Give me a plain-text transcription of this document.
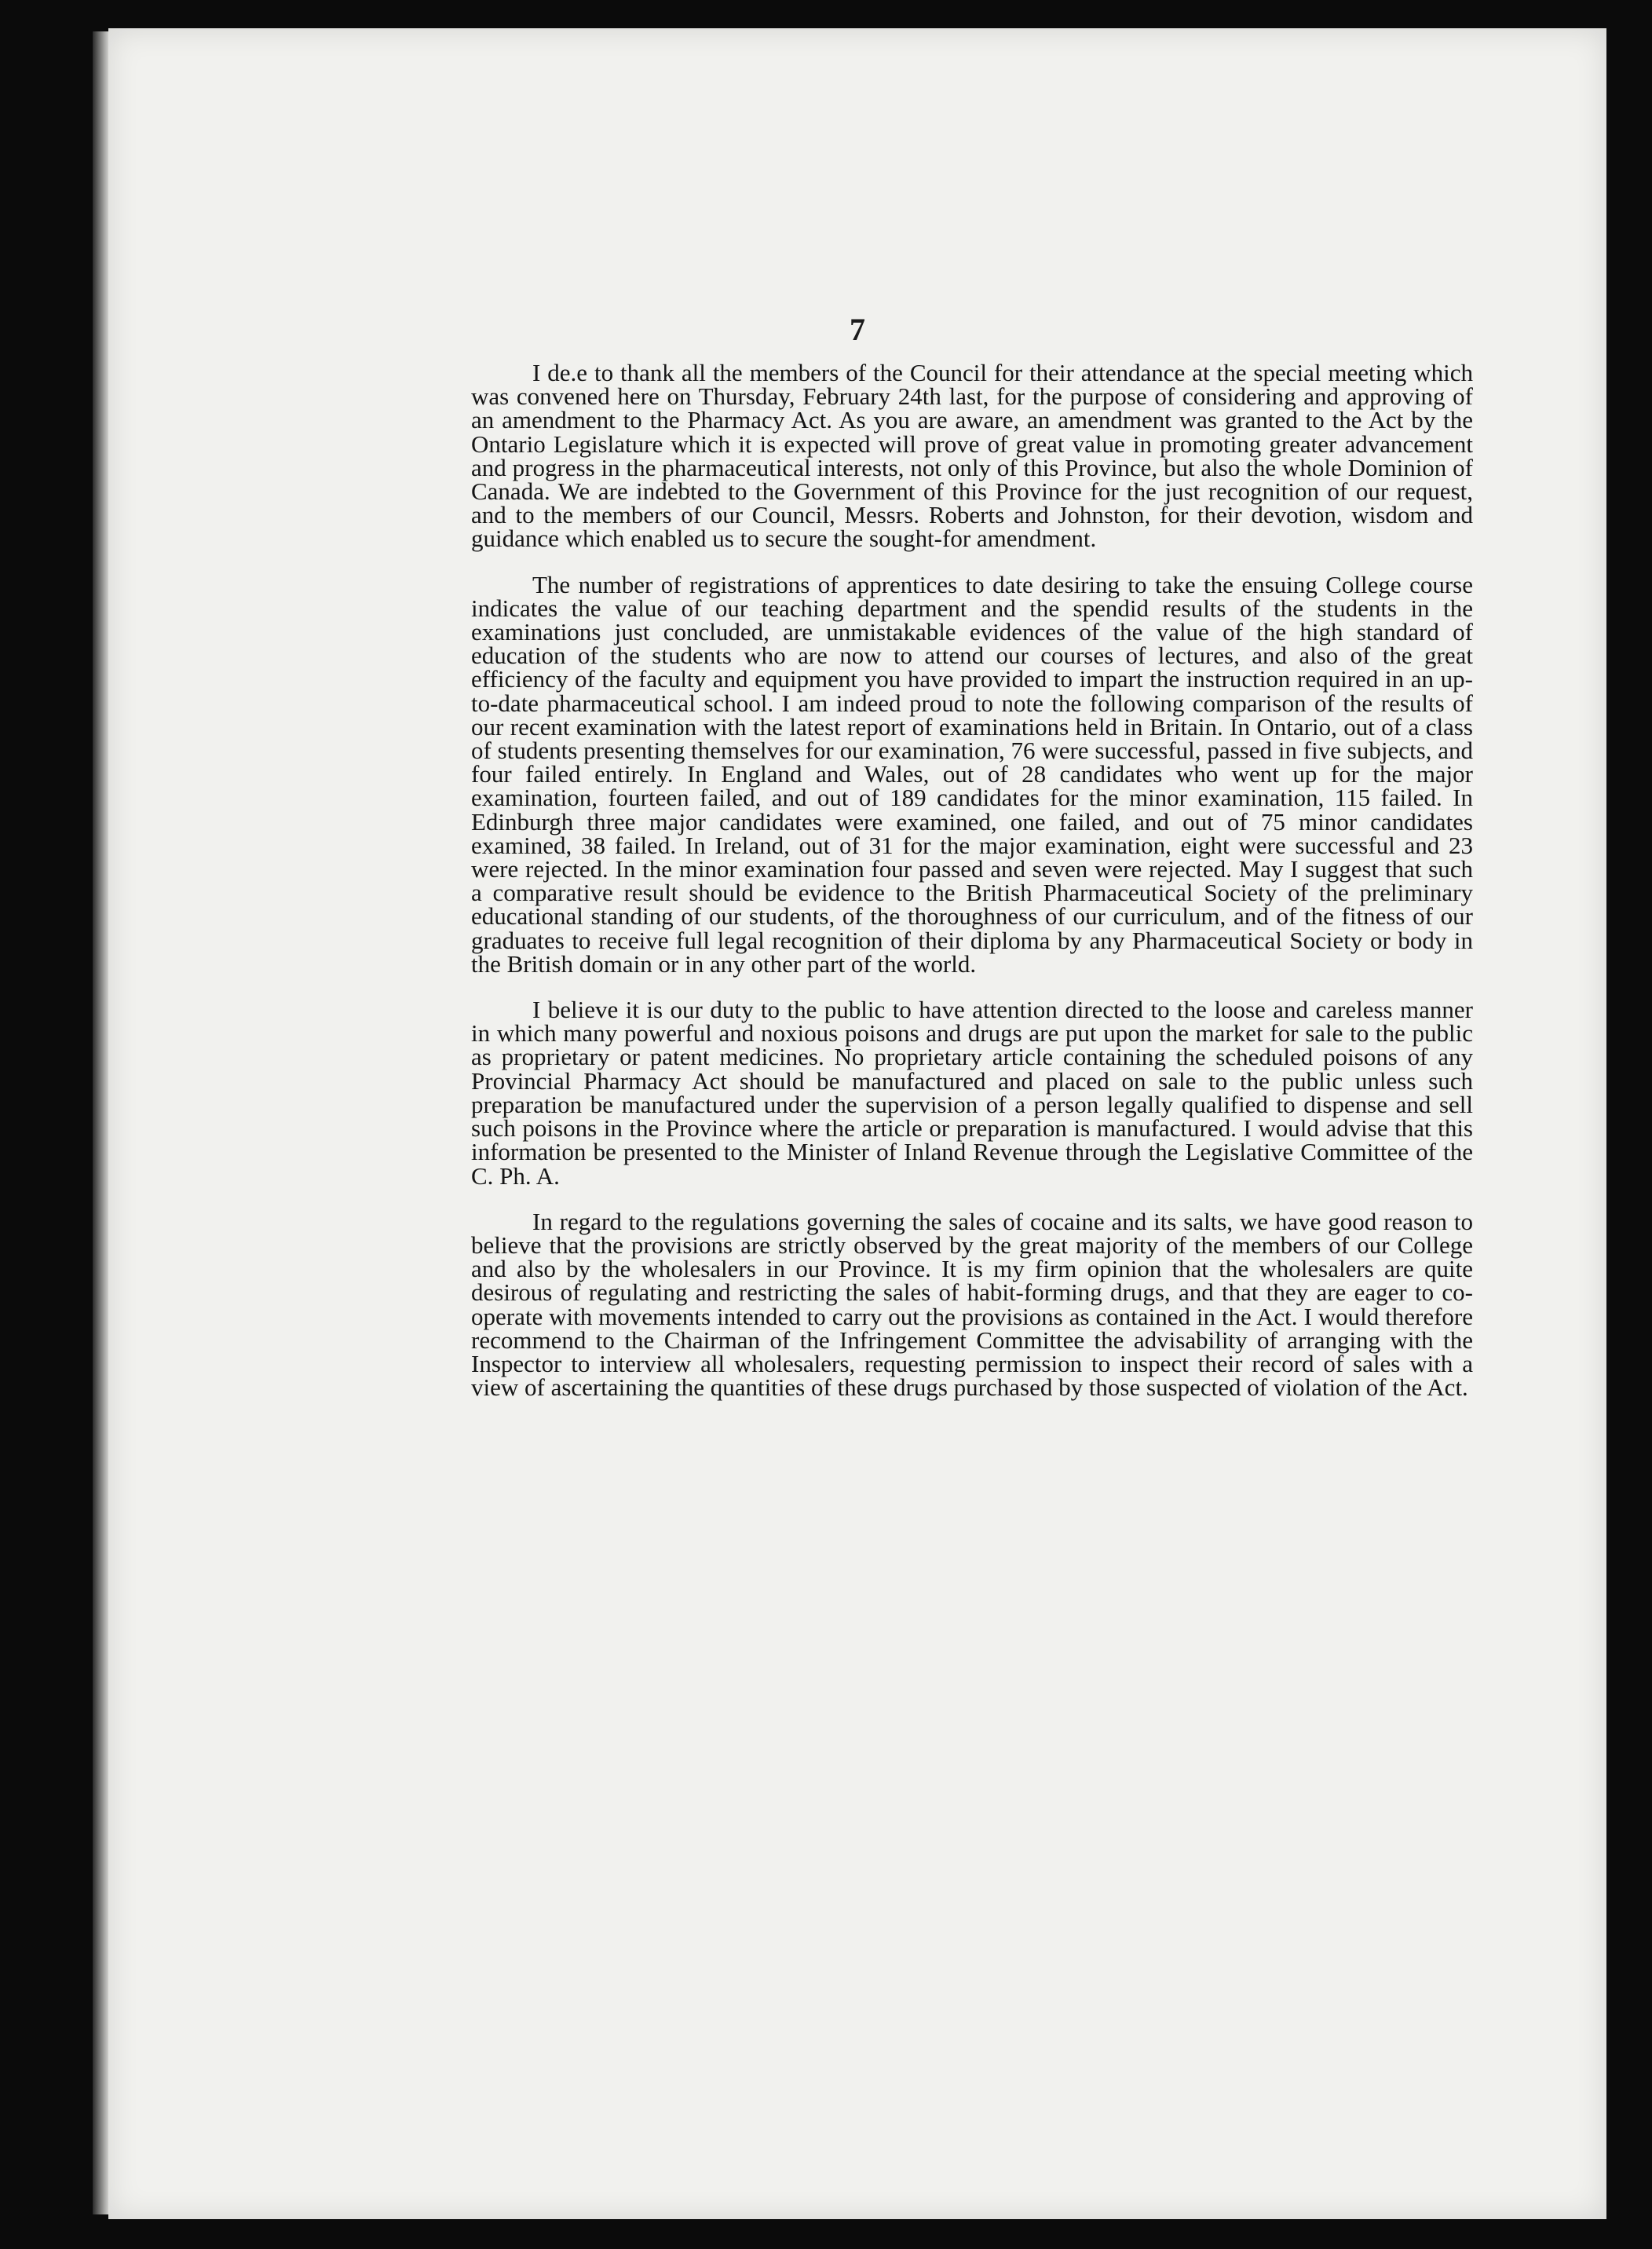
7

I de.e to thank all the members of the Council for their attendance at the special meeting which was convened here on Thursday, February 24th last, for the purpose of considering and approving of an amendment to the Pharmacy Act. As you are aware, an amendment was granted to the Act by the Ontario Legislature which it is expected will prove of great value in promoting greater advancement and progress in the pharmaceutical interests, not only of this Province, but also the whole Dominion of Canada. We are indebted to the Government of this Province for the just recognition of our request, and to the members of our Council, Messrs. Roberts and Johnston, for their devotion, wisdom and guidance which enabled us to secure the sought-for amendment.

The number of registrations of apprentices to date desiring to take the ensuing College course indicates the value of our teaching department and the spendid results of the students in the examinations just concluded, are unmistakable evidences of the value of the high standard of education of the students who are now to attend our courses of lectures, and also of the great efficiency of the faculty and equipment you have provided to impart the instruction required in an up-to-date pharmaceutical school. I am indeed proud to note the following comparison of the results of our recent examination with the latest report of examinations held in Britain. In Ontario, out of a class of students presenting themselves for our examination, 76 were successful, passed in five subjects, and four failed entirely. In England and Wales, out of 28 candidates who went up for the major examination, fourteen failed, and out of 189 candidates for the minor examination, 115 failed. In Edinburgh three major candidates were examined, one failed, and out of 75 minor candidates examined, 38 failed. In Ireland, out of 31 for the major examination, eight were successful and 23 were rejected. In the minor examination four passed and seven were rejected. May I suggest that such a comparative result should be evidence to the British Pharmaceutical Society of the preliminary educational standing of our students, of the thoroughness of our curriculum, and of the fitness of our graduates to receive full legal recognition of their diploma by any Pharmaceutical Society or body in the British domain or in any other part of the world.

I believe it is our duty to the public to have attention directed to the loose and careless manner in which many powerful and noxious poisons and drugs are put upon the market for sale to the public as proprietary or patent medicines. No proprietary article containing the scheduled poisons of any Provincial Pharmacy Act should be manufactured and placed on sale to the public unless such preparation be manufactured under the supervision of a person legally qualified to dispense and sell such poisons in the Province where the article or preparation is manufactured. I would advise that this information be presented to the Minister of Inland Revenue through the Legislative Committee of the C. Ph. A.

In regard to the regulations governing the sales of cocaine and its salts, we have good reason to believe that the provisions are strictly observed by the great majority of the members of our College and also by the wholesalers in our Province. It is my firm opinion that the wholesalers are quite desirous of regulating and restricting the sales of habit-forming drugs, and that they are eager to co-operate with movements intended to carry out the provisions as contained in the Act. I would therefore recommend to the Chairman of the Infringement Committee the advisability of arranging with the Inspector to interview all wholesalers, requesting permission to inspect their record of sales with a view of ascertaining the quantities of these drugs purchased by those suspected of violation of the Act.
